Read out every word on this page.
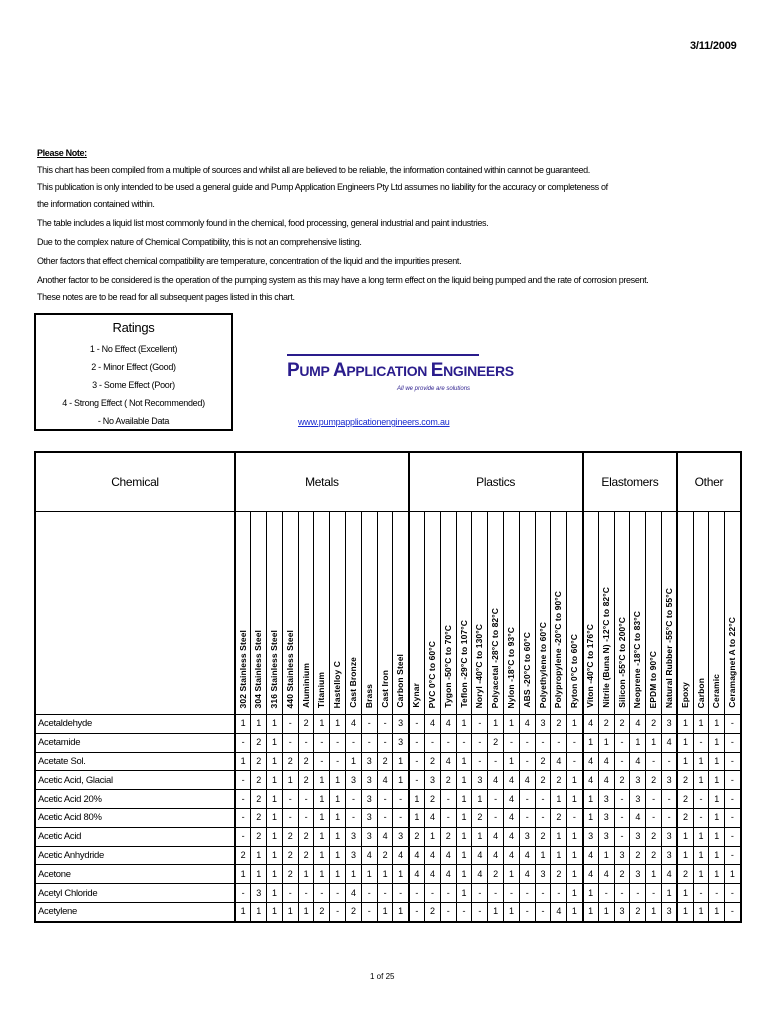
3/11/2009
Please Note:
This chart has been compiled from a multiple of sources and whilst all are believed to be reliable, the information contained within cannot be guaranteed.
This publication is only intended to be used a general guide and Pump Application Engineers Pty Ltd assumes no liability for the accuracy or completeness of
the information contained within.
The table includes a liquid list most commonly found in the chemical, food processing, general industrial and paint industries.
Due to the complex nature of Chemical Compatibility, this is not an comprehensive listing.
Other factors that effect chemical compatibility are temperature, concentration of the liquid and the impurities present.
Another factor to be considered is the operation of the pumping system as this may have a long term effect on the liquid being pumped and the rate of corrosion present.
These notes are to be read for all subsequent pages listed in this chart.
Ratings
1 - No Effect (Excellent)
2 - Minor Effect (Good)
3 - Some Effect (Poor)
4 - Strong Effect ( Not Recommended)
- No Available Data
PUMP APPLICATION ENGINEERS
All we provide are solutions
www.pumpapplicationengineers.com.au
Chemical	Metals											Plastics											Elastomers						Other			
	302 Stainless Steel	304 Stainless Steel	316 Stainless Steel	440 Stainless Steel	Aluminium	Titanium	Hastelloy C	Cast Bronze	Brass	Cast Iron	Carbon Steel	Kynar	PVC 0°C to 60°C	Tygon -50°C to 70°C	Teflon -29°C to 107°C	Noryl -40°C to 130°C	Polyacetal -28°C to 82°C	Nylon -18°C to 93°C	ABS -20°C to 60°C	Polyethylene to 60°C	Polypropylene -20°C to 90°C	Ryton 0°C to 60°C	Viton -40°C to 176°C	Nitrile (Buna N) -12°C to 82°C	Silicon -55°C to 200°C	Neoprene -18°C to 83°C	EPDM to 90°C	Natural Rubber -55°C to 55°C	Epoxy	Carbon	Ceramic	Ceramagnet A to 22°C
Acetaldehyde	1	1	1	-	2	1	1	4	-	-	3	-	4	4	1	-	1	1	4	3	2	1	4	2	2	4	2	3	1	1	1	-
Acetamide	-	2	1	-	-	-	-	-	-	-	3	-	-	-	-	-	2	-	-	-	-	-	1	1	-	1	1	4	1	-	1	-
Acetate Sol.	1	2	1	2	2	-	-	1	3	2	1	-	2	4	1	-	-	1	-	2	4	-	4	4	-	4	-	-	1	1	1	-
Acetic Acid, Glacial	-	2	1	1	2	1	1	3	3	4	1	-	3	2	1	3	4	4	4	2	2	1	4	4	2	3	2	3	2	1	1	-
Acetic Acid 20%	-	2	1	-	-	1	1	-	3	-	-	1	2	-	1	1	-	4	-	-	1	1	1	3	-	3	-	-	2	-	1	-
Acetic Acid 80%	-	2	1	-	-	1	1	-	3	-	-	1	4	-	1	2	-	4	-	-	2	-	1	3	-	4	-	-	2	-	1	-
Acetic Acid	-	2	1	2	2	1	1	3	3	4	3	2	1	2	1	1	4	4	3	2	1	1	3	3	-	3	2	3	1	1	1	-
Acetic Anhydride	2	1	1	2	2	1	1	3	4	2	4	4	4	4	1	4	4	4	4	1	1	1	4	1	3	2	2	3	1	1	1	-
Acetone	1	1	1	2	1	1	1	1	1	1	1	4	4	4	1	4	2	1	4	3	2	1	4	4	2	3	1	4	2	1	1	1
Acetyl Chloride	-	3	1	-	-	-	-	4	-	-	-	-	-	-	1	-	-	-	-	-	-	1	1	-	-	-	-	1	1	-	-	-
Acetylene	1	1	1	1	1	2	-	2	-	1	1	-	2	-	-	-	1	1	-	-	4	1	1	1	3	2	1	3	1	1	1	-
1 of 25
